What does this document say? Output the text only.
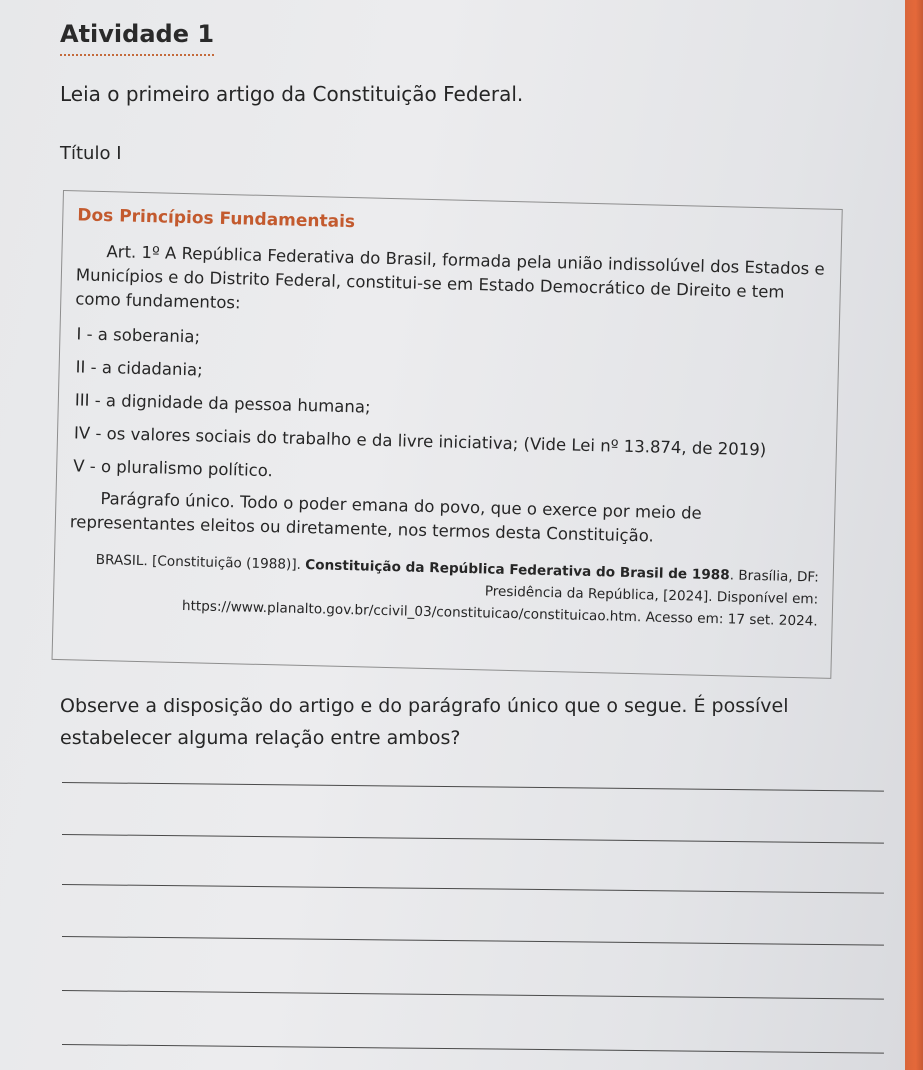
Atividade 1

Leia o primeiro artigo da Constituição Federal.

Título I

Dos Princípios Fundamentais

Art. 1º A República Federativa do Brasil, formada pela união indissolúvel dos Estados e Municípios e do Distrito Federal, constitui-se em Estado Democrático de Direito e tem como fundamentos:

I - a soberania;
II - a cidadania;
III - a dignidade da pessoa humana;
IV - os valores sociais do trabalho e da livre iniciativa; (Vide Lei nº 13.874, de 2019)
V - o pluralismo político.

Parágrafo único. Todo o poder emana do povo, que o exerce por meio de representantes eleitos ou diretamente, nos termos desta Constituição.

BRASIL. [Constituição (1988)]. Constituição da República Federativa do Brasil de 1988. Brasília, DF: Presidência da República, [2024]. Disponível em: https://www.planalto.gov.br/ccivil_03/constituicao/constituicao.htm. Acesso em: 17 set. 2024.

Observe a disposição do artigo e do parágrafo único que o segue. É possível estabelecer alguma relação entre ambos?
